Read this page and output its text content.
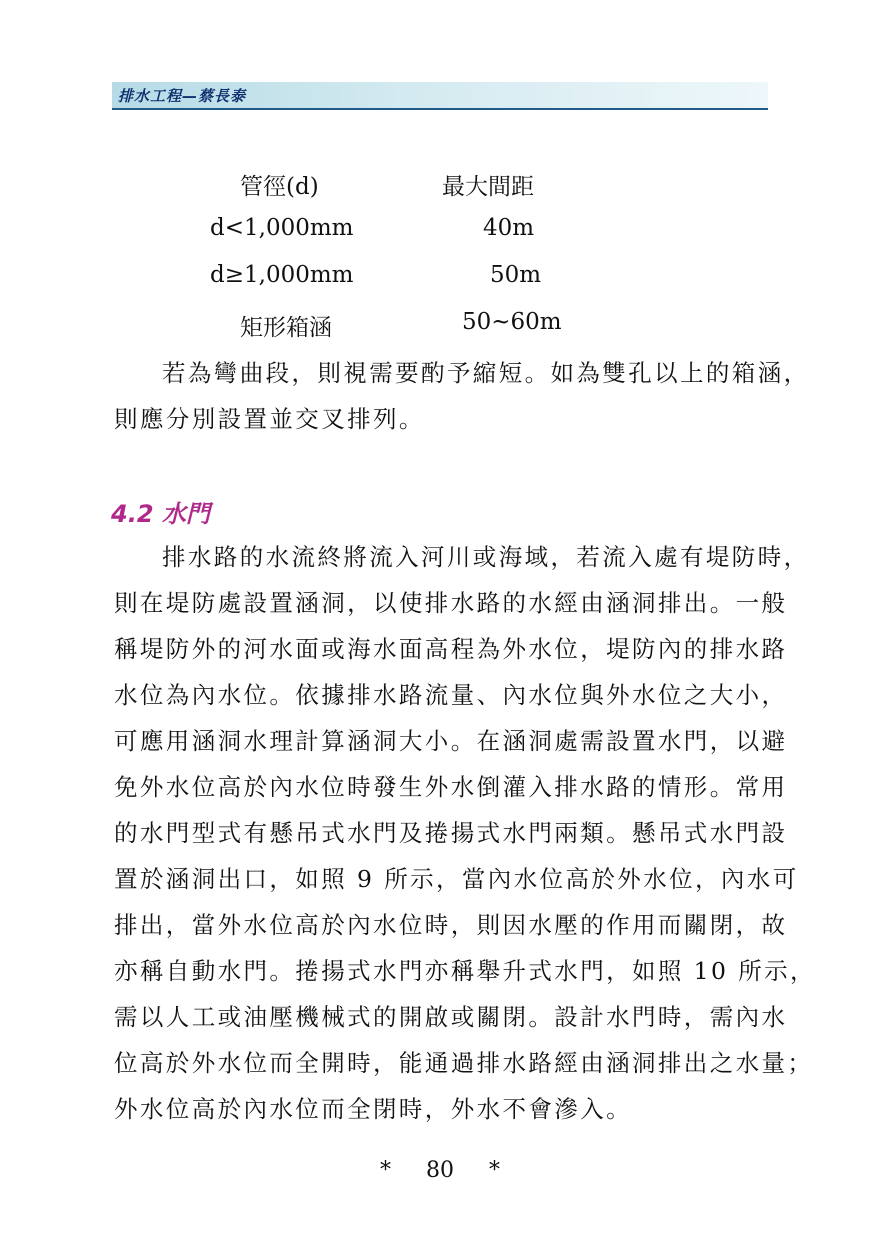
排水工程—蔡長泰
管徑(d)	最大間距
d<1,000mm	40m
d≥1,000mm	50m
矩形箱涵	50~60m
若為彎曲段，則視需要酌予縮短。如為雙孔以上的箱涵，
則應分別設置並交叉排列。
4.2 水門
排水路的水流終將流入河川或海域，若流入處有堤防時，
則在堤防處設置涵洞，以使排水路的水經由涵洞排出。一般
稱堤防外的河水面或海水面高程為外水位，堤防內的排水路
水位為內水位。依據排水路流量、內水位與外水位之大小，
可應用涵洞水理計算涵洞大小。在涵洞處需設置水門，以避
免外水位高於內水位時發生外水倒灌入排水路的情形。常用
的水門型式有懸吊式水門及捲揚式水門兩類。懸吊式水門設
置於涵洞出口，如照 9 所示，當內水位高於外水位，內水可
排出，當外水位高於內水位時，則因水壓的作用而關閉，故
亦稱自動水門。捲揚式水門亦稱舉升式水門，如照 10 所示，
需以人工或油壓機械式的開啟或關閉。設計水門時，需內水
位高於外水位而全開時，能通過排水路經由涵洞排出之水量；
外水位高於內水位而全閉時，外水不會滲入。
* 80 *
